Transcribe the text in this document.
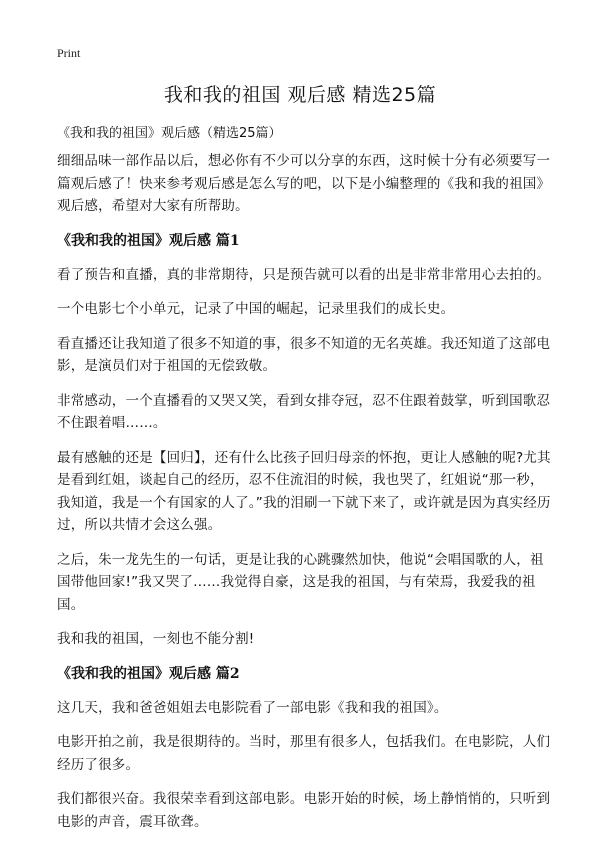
Print
我和我的祖国 观后感 精选25篇

《我和我的祖国》观后感（精选25篇）

细细品味一部作品以后，想必你有不少可以分享的东西，这时候十分有必须要写一篇观后感了！快来参考观后感是怎么写的吧，以下是小编整理的《我和我的祖国》观后感，希望对大家有所帮助。

《我和我的祖国》观后感 篇1

看了预告和直播，真的非常期待，只是预告就可以看的出是非常非常用心去拍的。

一个电影七个小单元，记录了中国的崛起，记录里我们的成长史。

看直播还让我知道了很多不知道的事，很多不知道的无名英雄。我还知道了这部电影，是演员们对于祖国的无偿致敬。

非常感动，一个直播看的又哭又笑，看到女排夺冠，忍不住跟着鼓掌，听到国歌忍不住跟着唱……。

最有感触的还是【回归】，还有什么比孩子回归母亲的怀抱，更让人感触的呢?尤其是看到红姐，谈起自己的经历，忍不住流泪的时候，我也哭了，红姐说“那一秒，我知道，我是一个有国家的人了。”我的泪刷一下就下来了，或许就是因为真实经历过，所以共情才会这么强。

之后，朱一龙先生的一句话，更是让我的心跳骤然加快，他说“会唱国歌的人，祖国带他回家!”我又哭了……我觉得自豪，这是我的祖国，与有荣焉，我爱我的祖国。

我和我的祖国，一刻也不能分割!

《我和我的祖国》观后感 篇2

这几天，我和爸爸姐姐去电影院看了一部电影《我和我的祖国》。

电影开拍之前，我是很期待的。当时，那里有很多人，包括我们。在电影院，人们经历了很多。

我们都很兴奋。我很荣幸看到这部电影。电影开始的时候，场上静悄悄的，只听到电影的声音，震耳欲聋。
